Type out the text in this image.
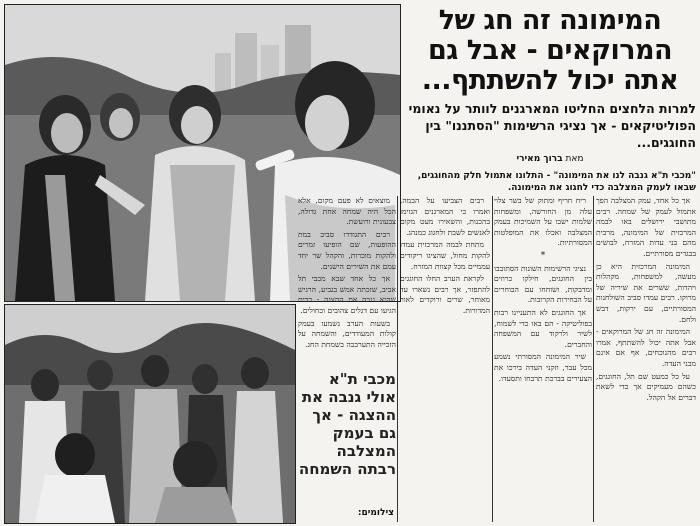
המימונה זה חג של
המרוקאים - אבל גם
אתה יכול להשתתף...
למרות הלחצים החליטו המארגנים לוותר על נאומי הפוליטיקאים - אך נציגי הרשימות "הסתננו" בין החוגגים...
מאת ברוך מאירי
"מכבי ת"א גנבה לנו את המימונה" - התלונו אתמול חלק מהחוגגים, שבאו לעמק המצלבה כדי לחגוג את המימונה.

אך כל אחד, עמק המצלבה הפך אתמול לעמק של שמחה. רבים מתושבי ירושלים באו לבמה המרכזית של המימונה, מרבית מהם בני עדות המזרח, לבושים בבגדים מסורתיים.

המימונה המרכזית היא כן מעשה, למשפחות, מקהלות ויהדות, ששרים את שיריה של מרוקו. רבים עמדו סביב השולחנות המסורתיים, עם ירקות, דבש ולחם.

המימונה זה חג של המרוקאים - אבל אתה יכול להשתתף, אמרו רבים מהנוכחים, אף אם אינם מבני העדה.

על כל כמעט שם תל, החוגגים, כשהם מעמיקים אך כדי לשאת דברים אל הקהל.

ריח חריף ומתוק של בשר צלוי עלה מן החורשה, ומשפחות שלמות ישבו על השמיכות בעמק המצלבה ואכלו את המופלטות המסורתיות.

*

נציגי הרשימות השונות הסתובבו בין החוגגים, חילקו כרוזים ומדבקות, ושוחחו עם הבוחרים על הבחירות הקרובות.

אך החוגגים לא התעניינו רבות בפוליטיקה - הם באו כדי לשמוח, לשיר ולרקוד עם המשפחה והחברים.

שיר המימונה המסורתי נשמע מכל עבר, וזקני העדה בירכו את הצעירים בברכת תרבחו ותסעדו.

רבים הצביעו על הבמה, ואמרו כי המארגנים הגזימו בהכנות, והשאירו מעט מקום לאנשים לשבת ולחגוג כמנהג.

מתחת לבמה המרכזית עמדו להקות מחול, שהציגו ריקודים עממיים מכל קצוות המזרח.

לקראת הערב החלו החוגגים להתפזר, אך רבים נשארו עד מאוחר, שרים ורוקדים לאור המדורות.

מוצאים לא פעם מקום, אלא הכל היה שמחה אחת גדולה, צבעונית ורועשת.

רבים התגודדו סביב במת ההופעות, שם הופיעו זמרים ולהקות מוכרות, והקהל שר יחד עמם את השירים הישנים.

אך כל אחד שבא מכבי תל אביב, שזכתה אמש בגביע, הרגיש שהיא גנבה את ההצגה - רבים הגיעו עם דגלים צהובים וכחולים.

בשעות הערב נשמעו בעמק קולות המעודדים, והשמחה על הזכייה התערבבה בשמחת החג.

מכבי ת"א אולי גנבה את ההצגה - אך גם בעמק המצלבה רבתה השמחה
צילומים:
